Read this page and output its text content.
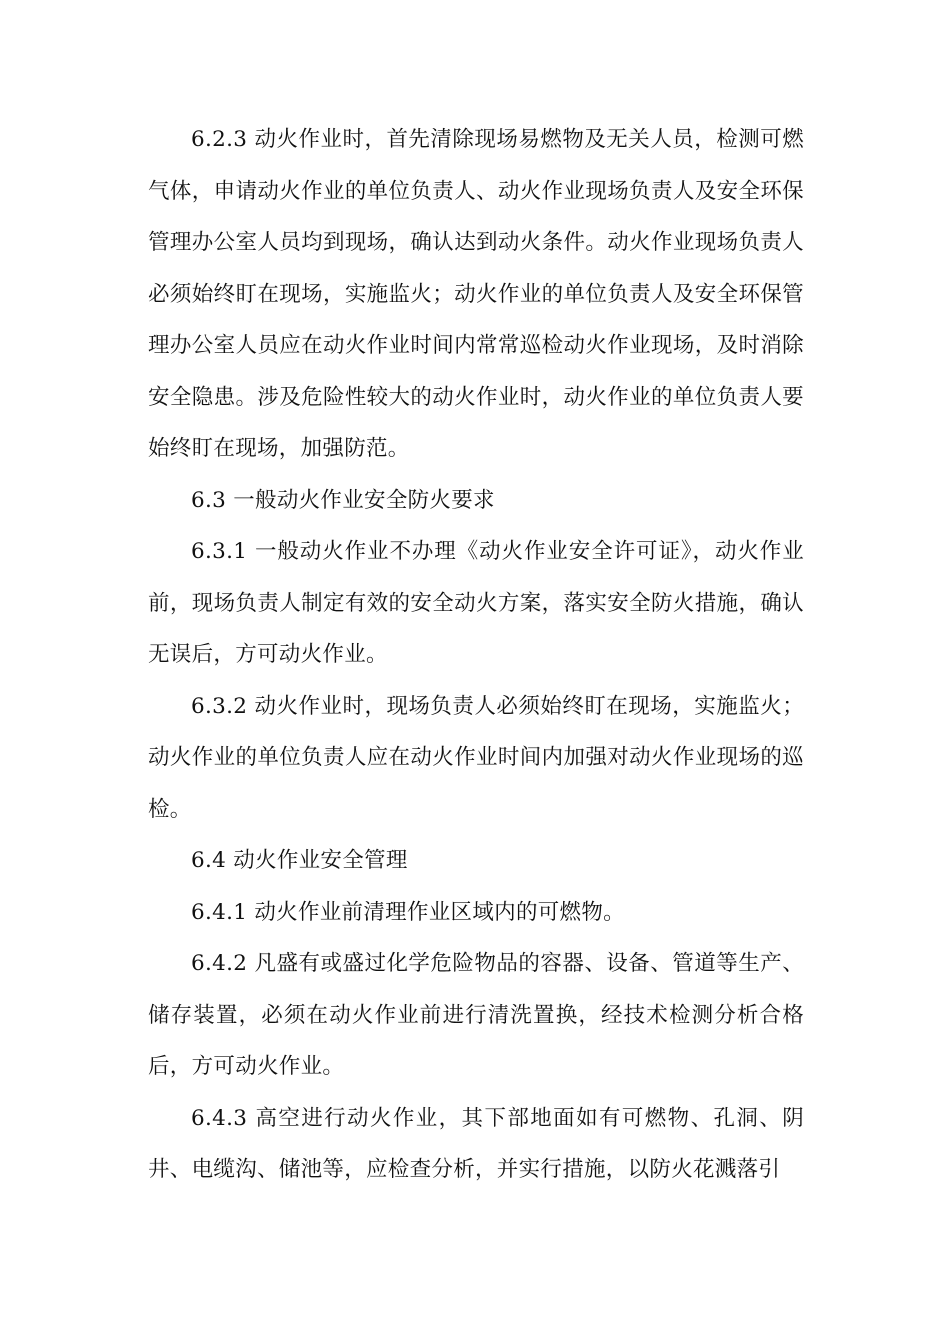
6.2.3 动火作业时，首先清除现场易燃物及无关人员，检测可燃气体，申请动火作业的单位负责人、动火作业现场负责人及安全环保管理办公室人员均到现场，确认达到动火条件。动火作业现场负责人必须始终盯在现场，实施监火；动火作业的单位负责人及安全环保管理办公室人员应在动火作业时间内常常巡检动火作业现场，及时消除安全隐患。涉及危险性较大的动火作业时，动火作业的单位负责人要始终盯在现场，加强防范。

6.3 一般动火作业安全防火要求

6.3.1 一般动火作业不办理《动火作业安全许可证》，动火作业前，现场负责人制定有效的安全动火方案，落实安全防火措施，确认无误后，方可动火作业。

6.3.2 动火作业时，现场负责人必须始终盯在现场，实施监火；动火作业的单位负责人应在动火作业时间内加强对动火作业现场的巡检。

6.4 动火作业安全管理

6.4.1 动火作业前清理作业区域内的可燃物。

6.4.2 凡盛有或盛过化学危险物品的容器、设备、管道等生产、储存装置，必须在动火作业前进行清洗置换，经技术检测分析合格后，方可动火作业。

6.4.3 高空进行动火作业，其下部地面如有可燃物、孔洞、阴井、电缆沟、储池等，应检查分析，并实行措施，以防火花溅落引
